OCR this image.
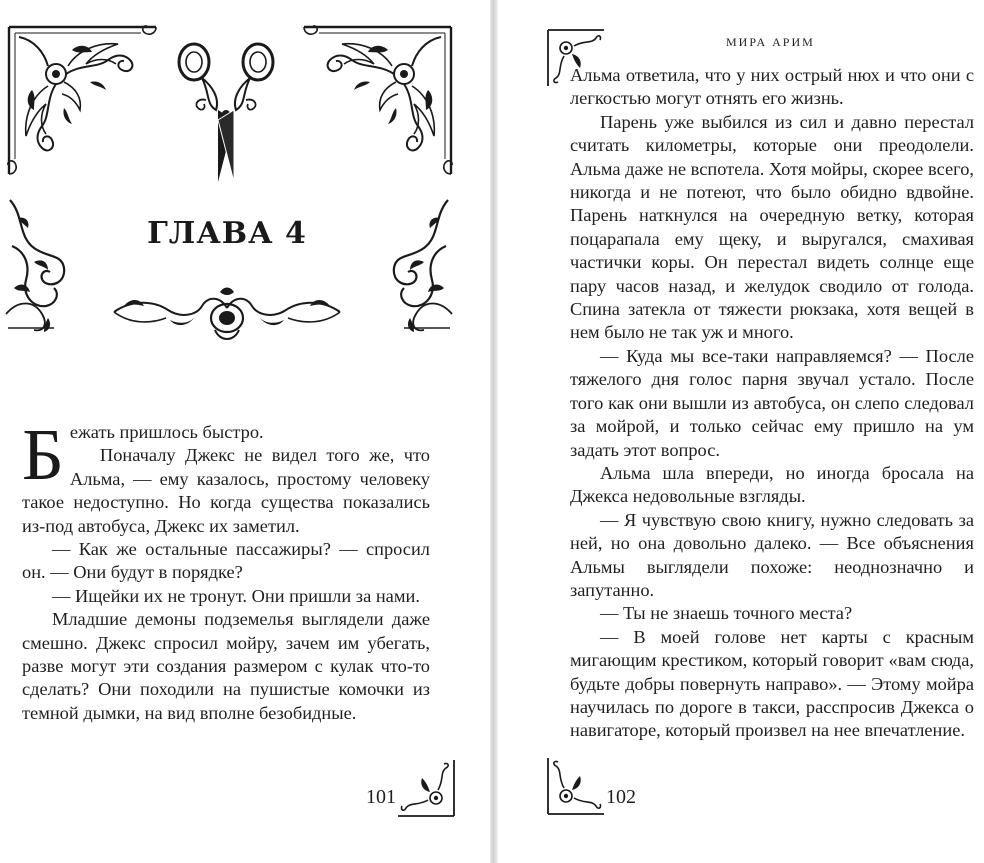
ГЛАВА 4
Б ежать пришлось быстро.

Поначалу Джекс не видел того же, что Альма, — ему казалось, простому человеку такое недоступно. Но когда существа показались из-под автобуса, Джекс их заметил.

— Как же остальные пассажиры? — спросил он. — Они будут в порядке?

— Ищейки их не тронут. Они пришли за нами.

Младшие демоны подземелья выглядели даже смешно. Джекс спросил мойру, зачем им убегать, разве могут эти создания размером с кулак что-то сделать? Они походили на пушистые комочки из темной дымки, на вид вполне безобидные.

101
МИРА АРИМ

Альма ответила, что у них острый нюх и что они с легкостью могут отнять его жизнь.

Парень уже выбился из сил и давно перестал считать километры, которые они преодолели. Альма даже не вспотела. Хотя мойры, скорее всего, никогда и не потеют, что было обидно вдвойне. Парень наткнулся на очередную ветку, которая поцарапала ему щеку, и выругался, смахивая частички коры. Он перестал видеть солнце еще пару часов назад, и желудок сводило от голода. Спина затекла от тяжести рюкзака, хотя вещей в нем было не так уж и много.

— Куда мы все-таки направляемся? — После тяжелого дня голос парня звучал устало. После того как они вышли из автобуса, он слепо следовал за мойрой, и только сейчас ему пришло на ум задать этот вопрос.

Альма шла впереди, но иногда бросала на Джекса недовольные взгляды.

— Я чувствую свою книгу, нужно следовать за ней, но она довольно далеко. — Все объяснения Альмы выглядели похоже: неоднозначно и запутанно.

— Ты не знаешь точного места?

— В моей голове нет карты с красным мигающим крестиком, который говорит «вам сюда, будьте добры повернуть направо». — Этому мойра научилась по дороге в такси, расспросив Джекса о навигаторе, который произвел на нее впечатление.

102
